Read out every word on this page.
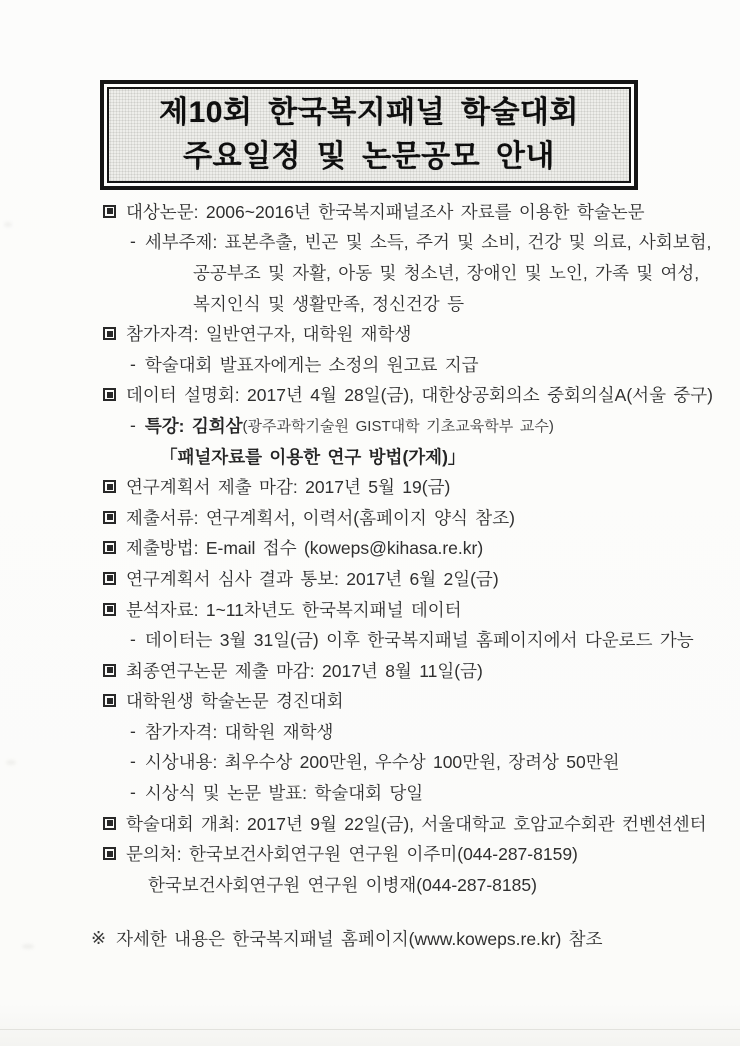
제10회 한국복지패널 학술대회
주요일정 및 논문공모 안내
대상논문: 2006~2016년 한국복지패널조사 자료를 이용한 학술논문
- 세부주제: 표본추출, 빈곤 및 소득, 주거 및 소비, 건강 및 의료, 사회보험,
공공부조 및 자활, 아동 및 청소년, 장애인 및 노인, 가족 및 여성,
복지인식 및 생활만족, 정신건강 등
참가자격: 일반연구자, 대학원 재학생
- 학술대회 발표자에게는 소정의 원고료 지급
데이터 설명회: 2017년 4월 28일(금), 대한상공회의소 중회의실A(서울 중구)
- 특강: 김희삼 (광주과학기술원 GIST대학 기초교육학부 교수)
「패널자료를 이용한 연구 방법(가제)」
연구계획서 제출 마감: 2017년 5월 19(금)
제출서류: 연구계획서, 이력서(홈페이지 양식 참조)
제출방법: E-mail 접수 (koweps@kihasa.re.kr)
연구계획서 심사 결과 통보: 2017년 6월 2일(금)
분석자료: 1~11차년도 한국복지패널 데이터
- 데이터는 3월 31일(금) 이후 한국복지패널 홈페이지에서 다운로드 가능
최종연구논문 제출 마감: 2017년 8월 11일(금)
대학원생 학술논문 경진대회
- 참가자격: 대학원 재학생
- 시상내용: 최우수상 200만원, 우수상 100만원, 장려상 50만원
- 시상식 및 논문 발표: 학술대회 당일
학술대회 개최: 2017년 9월 22일(금), 서울대학교 호암교수회관 컨벤션센터
문의처: 한국보건사회연구원 연구원 이주미(044-287-8159)
한국보건사회연구원 연구원 이병재(044-287-8185)
※ 자세한 내용은 한국복지패널 홈페이지(www.koweps.re.kr) 참조
